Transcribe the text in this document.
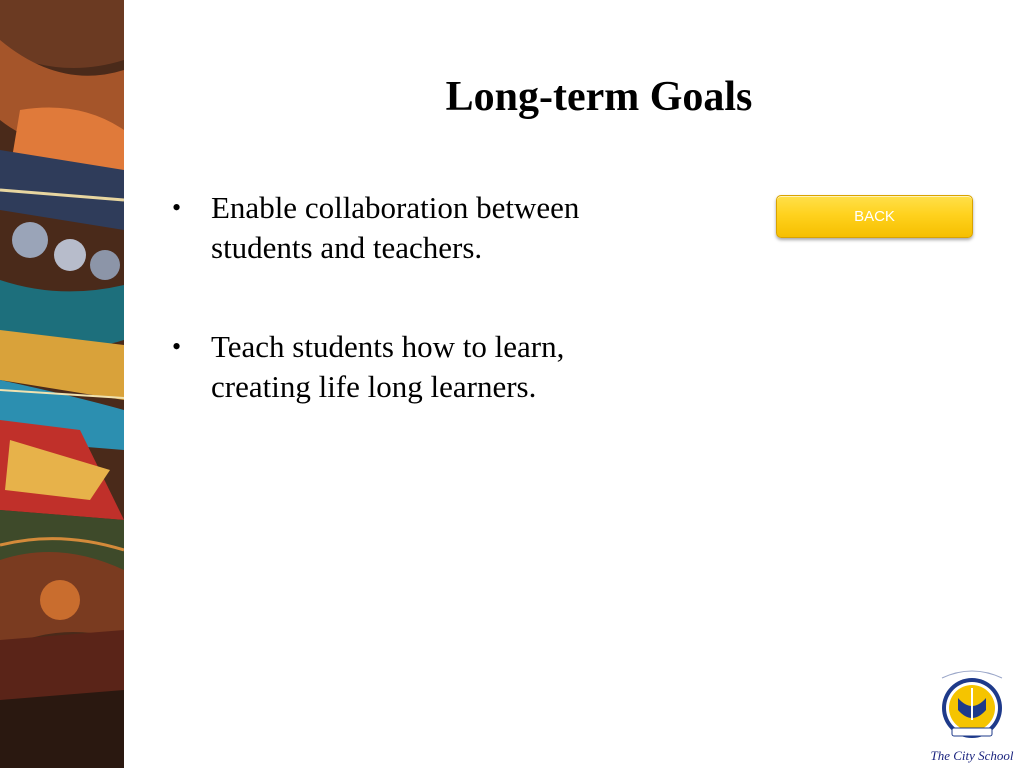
Long-term Goals
• Enable collaboration between students and teachers.
• Teach students how to learn, creating life long learners.
BACK
The City School
